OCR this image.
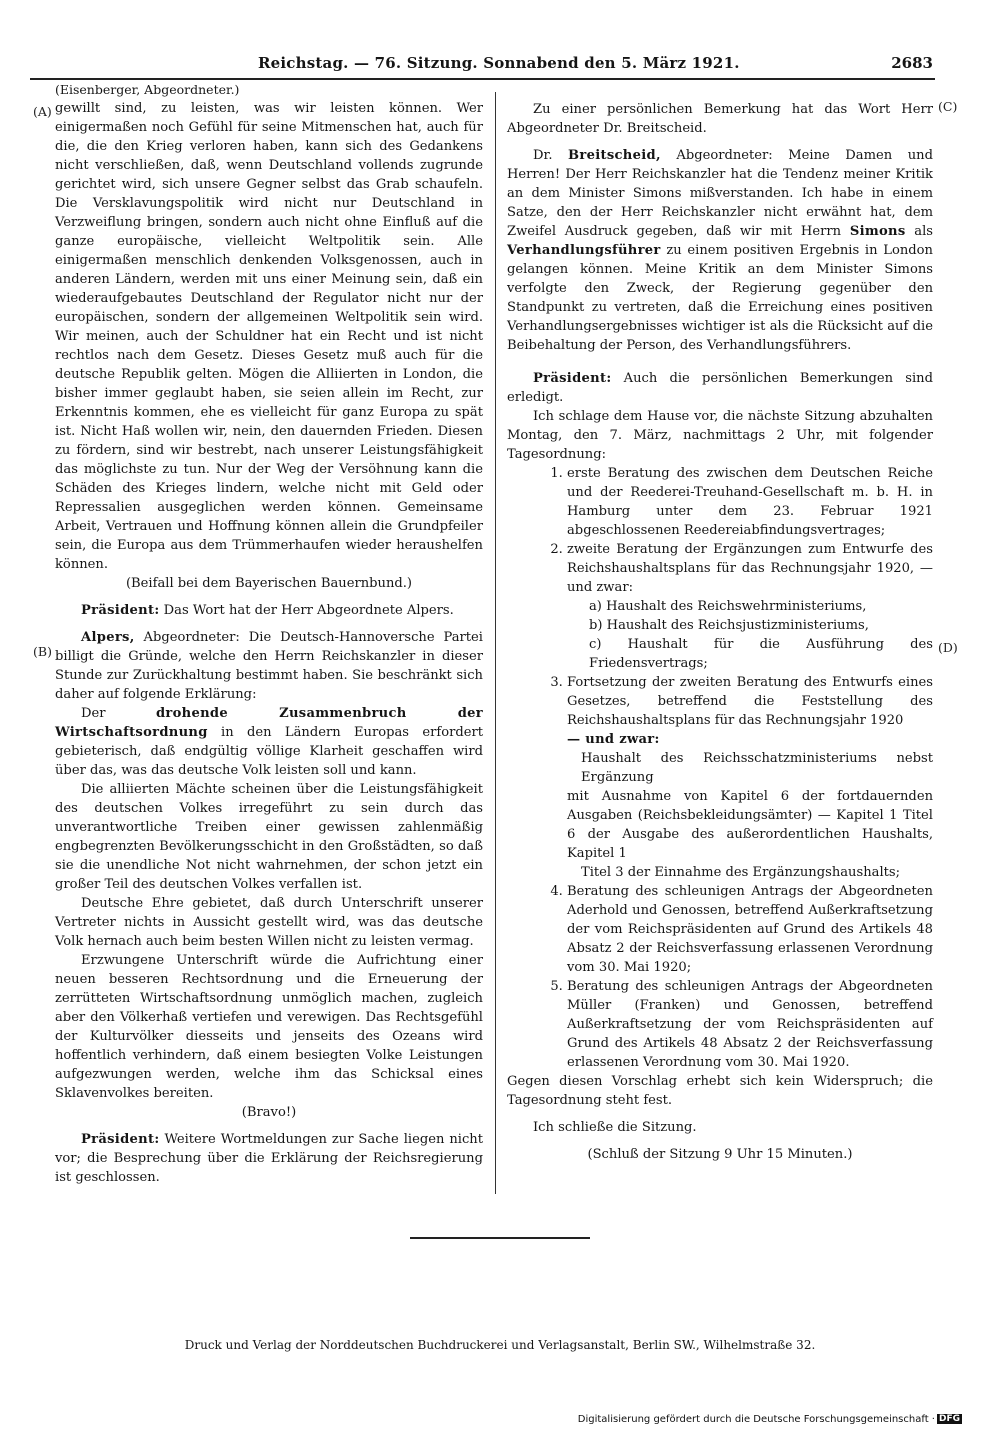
Reichstag. — 76. Sitzung. Sonnabend den 5. März 1921.	2683
(A)
(B)
(C)
(D)

(Eisenberger, Abgeordneter.)

gewillt sind, zu leisten, was wir leisten können. Wer einigermaßen noch Gefühl für seine Mitmenschen hat, auch für die, die den Krieg verloren haben, kann sich des Gedankens nicht verschließen, daß, wenn Deutschland vollends zugrunde gerichtet wird, sich unsere Gegner selbst das Grab schaufeln. Die Versklavungspolitik wird nicht nur Deutschland in Verzweiflung bringen, sondern auch nicht ohne Einfluß auf die ganze europäische, vielleicht Weltpolitik sein. Alle einigermaßen menschlich denkenden Volksgenossen, auch in anderen Ländern, werden mit uns einer Meinung sein, daß ein wiederaufgebautes Deutschland der Regulator nicht nur der europäischen, sondern der allgemeinen Weltpolitik sein wird. Wir meinen, auch der Schuldner hat ein Recht und ist nicht rechtlos nach dem Gesetz. Dieses Gesetz muß auch für die deutsche Republik gelten. Mögen die Alliierten in London, die bisher immer geglaubt haben, sie seien allein im Recht, zur Erkenntnis kommen, ehe es vielleicht für ganz Europa zu spät ist. Nicht Haß wollen wir, nein, den dauernden Frieden. Diesen zu fördern, sind wir bestrebt, nach unserer Leistungsfähigkeit das möglichste zu tun. Nur der Weg der Versöhnung kann die Schäden des Krieges lindern, welche nicht mit Geld oder Repressalien ausgeglichen werden können. Gemeinsame Arbeit, Vertrauen und Hoffnung können allein die Grundpfeiler sein, die Europa aus dem Trümmerhaufen wieder heraushelfen können.

(Beifall bei dem Bayerischen Bauernbund.)

Präsident: Das Wort hat der Herr Abgeordnete Alpers.

Alpers, Abgeordneter: Die Deutsch-Hannoversche Partei billigt die Gründe, welche den Herrn Reichskanzler in dieser Stunde zur Zurückhaltung bestimmt haben. Sie beschränkt sich daher auf folgende Erklärung:

Der	drohende Zusammenbruch der Wirtschaftsordnung in den Ländern Europas erfordert gebieterisch, daß endgültig völlige Klarheit geschaffen wird über das, was das deutsche Volk leisten soll und kann.

Die alliierten Mächte scheinen über die Leistungsfähigkeit des deutschen Volkes irregeführt zu sein durch das unverantwortliche Treiben einer gewissen zahlenmäßig engbegrenzten Bevölkerungsschicht in den Großstädten, so daß sie die unendliche Not nicht wahrnehmen, der schon jetzt ein großer Teil des deutschen Volkes verfallen ist.

Deutsche Ehre gebietet, daß durch Unterschrift unserer Vertreter nichts in Aussicht gestellt wird, was das deutsche Volk hernach auch beim besten Willen nicht zu leisten vermag.

Erzwungene Unterschrift würde die Aufrichtung einer neuen besseren Rechtsordnung und die Erneuerung der zerrütteten Wirtschaftsordnung unmöglich machen, zugleich aber den Völkerhaß vertiefen und verewigen. Das Rechtsgefühl der Kulturvölker diesseits und jenseits des Ozeans wird hoffentlich verhindern, daß einem besiegten Volke Leistungen aufgezwungen werden, welche ihm das Schicksal eines Sklavenvolkes bereiten.

(Bravo!)

Präsident: Weitere Wortmeldungen zur Sache liegen nicht vor; die Besprechung über die Erklärung der Reichsregierung ist geschlossen.

Zu einer persönlichen Bemerkung hat das Wort Herr Abgeordneter Dr. Breitscheid.

Dr. Breitscheid, Abgeordneter: Meine Damen und Herren! Der Herr Reichskanzler hat die Tendenz meiner Kritik an dem Minister Simons mißverstanden. Ich habe in einem Satze, den der Herr Reichskanzler nicht erwähnt hat, dem Zweifel Ausdruck gegeben, daß wir mit Herrn Simons als Verhandlungsführer zu einem positiven Ergebnis in London gelangen können. Meine Kritik an dem Minister Simons verfolgte den Zweck, der Regierung gegenüber den Standpunkt zu vertreten, daß die Erreichung eines positiven Verhandlungsergebnisses wichtiger ist als die Rücksicht auf die Beibehaltung der Person, des Verhandlungsführers.

Präsident: Auch die persönlichen Bemerkungen sind erledigt.

Ich schlage dem Hause vor, die nächste Sitzung abzuhalten Montag, den 7. März, nachmittags 2 Uhr, mit folgender Tagesordnung:

1. erste Beratung des zwischen dem Deutschen Reiche und der Reederei-Treuhand-Gesellschaft m. b. H. in Hamburg unter dem 23. Februar 1921 abgeschlossenen Reedereiabfindungsvertrages;
2. zweite Beratung der Ergänzungen zum Entwurfe des Reichshaushaltsplans für das Rechnungsjahr 1920, — und zwar:
a) Haushalt des Reichswehrministeriums,
b) Haushalt des Reichsjustizministeriums,
c) Haushalt für die Ausführung des Friedensvertrags;
3. Fortsetzung der zweiten Beratung des Entwurfs eines Gesetzes, betreffend die Feststellung des Reichshaushaltsplans für das Rechnungsjahr 1920
— und zwar:
Haushalt des Reichsschatzministeriums nebst Ergänzung
mit Ausnahme von Kapitel 6 der fortdauernden Ausgaben (Reichsbekleidungsämter) — Kapitel 1 Titel 6 der Ausgabe des außerordentlichen Haushalts, Kapitel 1
Titel 3 der Einnahme des Ergänzungshaushalts;
4. Beratung des schleunigen Antrags der Abgeordneten Aderhold und Genossen, betreffend Außerkraftsetzung der vom Reichspräsidenten auf Grund des Artikels 48 Absatz 2 der Reichsverfassung erlassenen Verordnung vom 30. Mai 1920;
5. Beratung des schleunigen Antrags der Abgeordneten Müller (Franken) und Genossen, betreffend Außerkraftsetzung der vom Reichspräsidenten auf Grund des Artikels 48 Absatz 2 der Reichsverfassung erlassenen Verordnung vom 30. Mai 1920.

Gegen diesen Vorschlag erhebt sich kein Widerspruch; die Tagesordnung steht fest.

Ich schließe die Sitzung.

(Schluß der Sitzung 9 Uhr 15 Minuten.)

Druck und Verlag der Norddeutschen Buchdruckerei und Verlagsanstalt, Berlin SW., Wilhelmstraße 32.
Digitalisierung gefördert durch die Deutsche Forschungsgemeinschaft · DFG
